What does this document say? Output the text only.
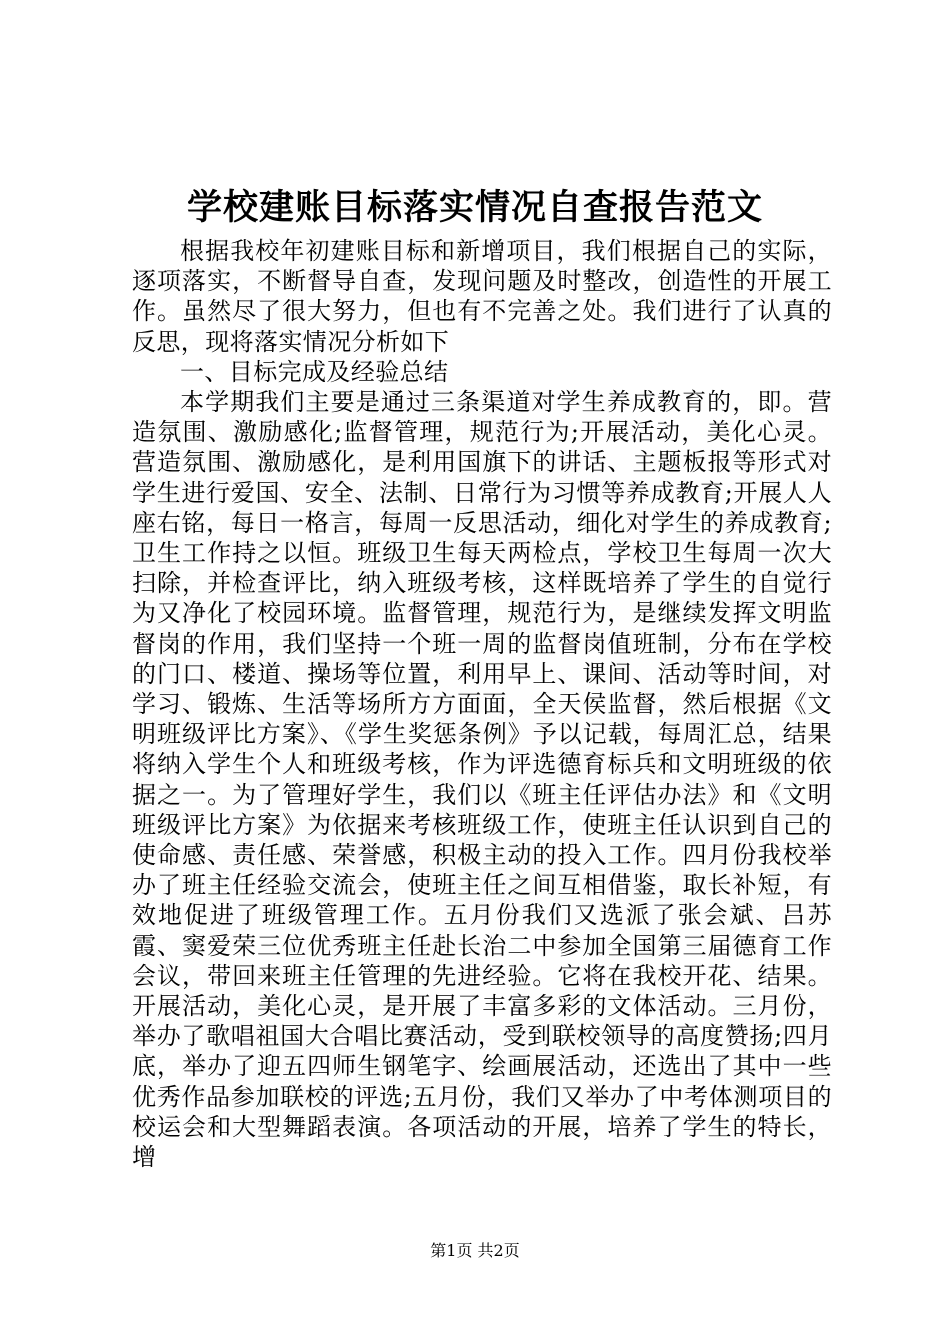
学校建账目标落实情况自查报告范文

根据我校年初建账目标和新增项目，我们根据自己的实际，逐项落实，不断督导自查，发现问题及时整改，创造性的开展工作。虽然尽了很大努力，但也有不完善之处。我们进行了认真的反思，现将落实情况分析如下

一、目标完成及经验总结

本学期我们主要是通过三条渠道对学生养成教育的，即。营造氛围、激励感化;监督管理，规范行为;开展活动，美化心灵。营造氛围、激励感化，是利用国旗下的讲话、主题板报等形式对学生进行爱国、安全、法制、日常行为习惯等养成教育;开展人人座右铭，每日一格言，每周一反思活动，细化对学生的养成教育;卫生工作持之以恒。班级卫生每天两检点，学校卫生每周一次大扫除，并检查评比，纳入班级考核，这样既培养了学生的自觉行为又净化了校园环境。监督管理，规范行为，是继续发挥文明监督岗的作用，我们坚持一个班一周的监督岗值班制，分布在学校的门口、楼道、操场等位置，利用早上、课间、活动等时间，对学习、锻炼、生活等场所方方面面，全天侯监督，然后根据《文明班级评比方案》、《学生奖惩条例》予以记载，每周汇总，结果将纳入学生个人和班级考核，作为评选德育标兵和文明班级的依据之一。为了管理好学生，我们以《班主任评估办法》和《文明班级评比方案》为依据来考核班级工作，使班主任认识到自己的使命感、责任感、荣誉感，积极主动的投入工作。四月份我校举办了班主任经验交流会，使班主任之间互相借鉴，取长补短，有效地促进了班级管理工作。五月份我们又选派了张会斌、吕苏霞、窦爱荣三位优秀班主任赴长治二中参加全国第三届德育工作会议，带回来班主任管理的先进经验。它将在我校开花、结果。开展活动，美化心灵，是开展了丰富多彩的文体活动。三月份，举办了歌唱祖国大合唱比赛活动，受到联校领导的高度赞扬;四月底，举办了迎五四师生钢笔字、绘画展活动，还选出了其中一些优秀作品参加联校的评选;五月份，我们又举办了中考体测项目的校运会和大型舞蹈表演。各项活动的开展，培养了学生的特长，增

第1页 共2页
